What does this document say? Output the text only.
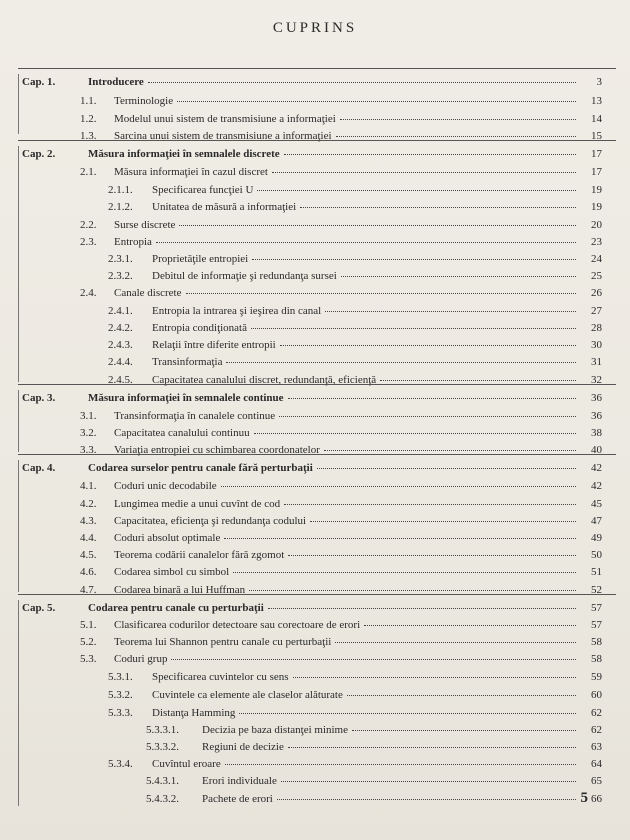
CUPRINS
Cap. 1.	Introducere	3
1.1.	Terminologie	13
1.2.	Modelul unui sistem de transmisiune a informaţiei	14
1.3.	Sarcina unui sistem de transmisiune a informaţiei	15
Cap. 2.	Măsura informaţiei în semnalele discrete	17
2.1.	Măsura informaţiei în cazul discret	17
2.1.1.	Specificarea funcţiei U	19
2.1.2.	Unitatea de măsură a informaţiei	19
2.2.	Surse discrete	20
2.3.	Entropia	23
2.3.1.	Proprietăţile entropiei	24
2.3.2.	Debitul de informaţie şi redundanţa sursei	25
2.4.	Canale discrete	26
2.4.1.	Entropia la intrarea şi ieşirea din canal	27
2.4.2.	Entropia condiţionată	28
2.4.3.	Relaţii între diferite entropii	30
2.4.4.	Transinformaţia	31
2.4.5.	Capacitatea canalului discret, redundanţă, eficienţă	32
Cap. 3.	Măsura informaţiei în semnalele continue	36
3.1.	Transinformaţia în canalele continue	36
3.2.	Capacitatea canalului continuu	38
3.3.	Variaţia entropiei cu schimbarea coordonatelor	40
Cap. 4.	Codarea surselor pentru canale fără perturbaţii	42
4.1.	Coduri unic decodabile	42
4.2.	Lungimea medie a unui cuvînt de cod	45
4.3.	Capacitatea, eficienţa şi redundanţa codului	47
4.4.	Coduri absolut optimale	49
4.5.	Teorema codării canalelor fără zgomot	50
4.6.	Codarea simbol cu simbol	51
4.7.	Codarea binară a lui Huffman	52
Cap. 5.	Codarea pentru canale cu perturbaţii	57
5.1.	Clasificarea codurilor detectoare sau corectoare de erori	57
5.2.	Teorema lui Shannon pentru canale cu perturbaţii	58
5.3.	Coduri grup	58
5.3.1.	Specificarea cuvintelor cu sens	59
5.3.2.	Cuvintele ca elemente ale claselor alăturate	60
5.3.3.	Distanţa Hamming	62
5.3.3.1.	Decizia pe baza distanţei minime	62
5.3.3.2.	Regiuni de decizie	63
5.3.4.	Cuvîntul eroare	64
5.4.3.1.	Erori individuale	65
5.4.3.2.	Pachete de erori	66
5
